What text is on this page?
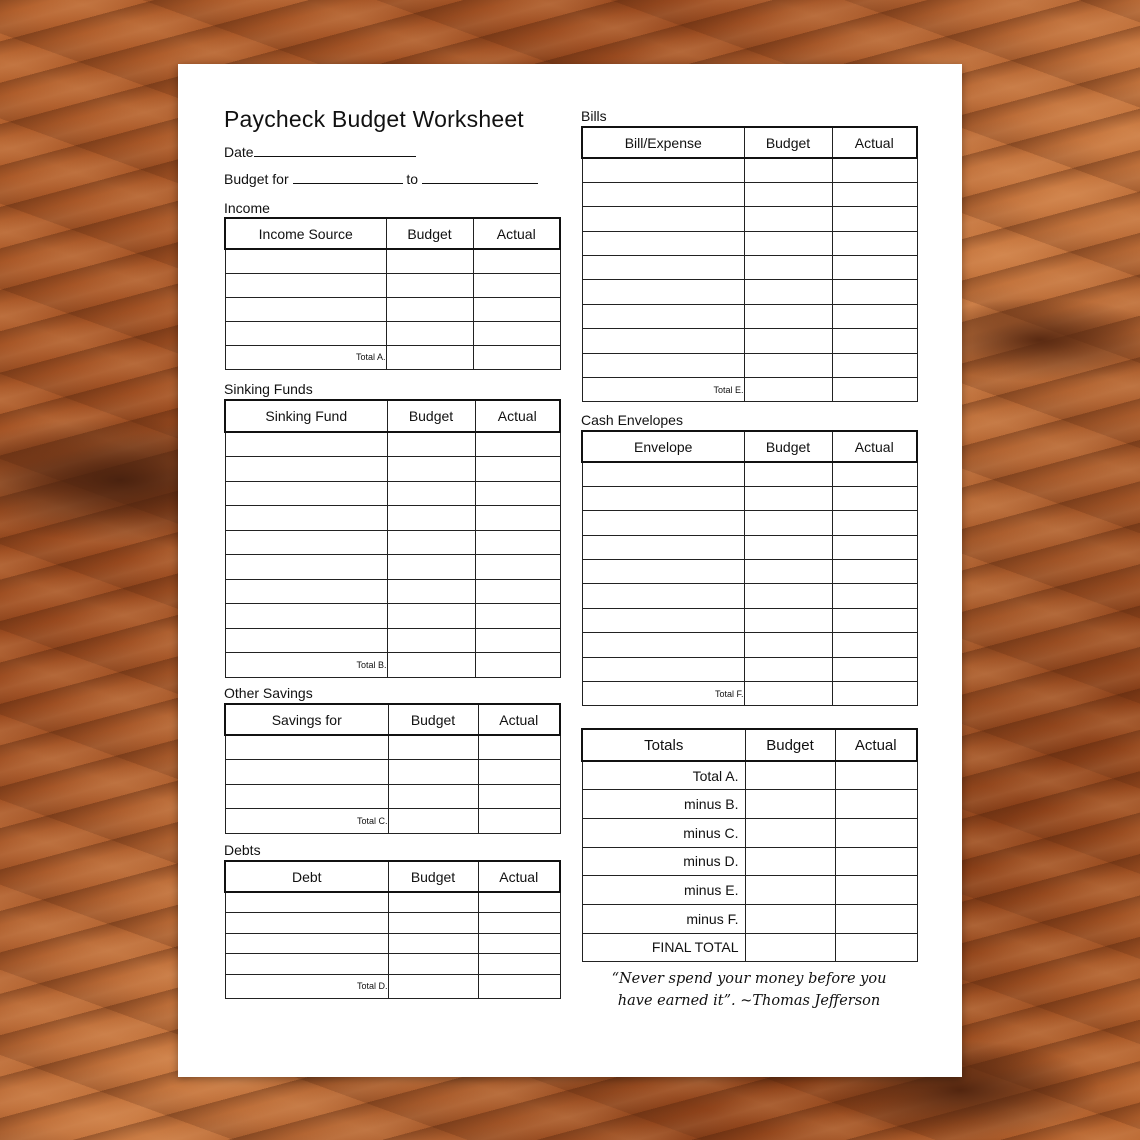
Paycheck Budget Worksheet
Date
Budget for	to
Income
Income Source	Budget	Actual

Total A.		
Sinking Funds
Sinking Fund	Budget	Actual

Total B.		
Other Savings
Savings for	Budget	Actual

Total C.		
Debts
Debt	Budget	Actual

Total D.		
Bills
Bill/Expense	Budget	Actual

Total E.		
Cash Envelopes
Envelope	Budget	Actual

Total F.		
Totals	Budget	Actual
Total A.		
minus B.		
minus C.		
minus D.		
minus E.		
minus F.		
FINAL TOTAL		
“Never spend your money before you
have earned it”. ~Thomas Jefferson
